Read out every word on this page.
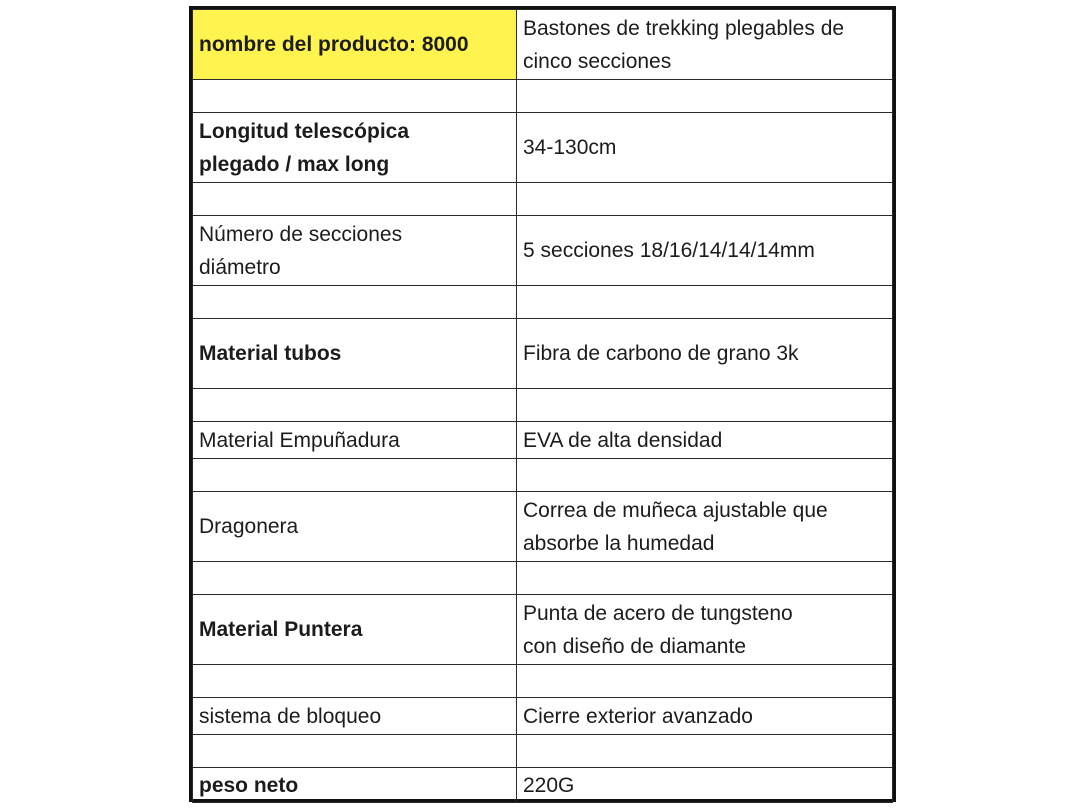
nombre del producto: 8000	Bastones de trekking plegables de
cinco secciones

Longitud telescópica
plegado / max long	34-130cm

Número de secciones
diámetro	5 secciones 18/16/14/14/14mm

Material tubos	Fibra de carbono de grano 3k

Material Empuñadura	EVA de alta densidad

Dragonera	Correa de muñeca ajustable que
absorbe la humedad

Material Puntera	Punta de acero de tungsteno
con diseño de diamante

sistema de bloqueo	Cierre exterior avanzado

peso neto	220G
